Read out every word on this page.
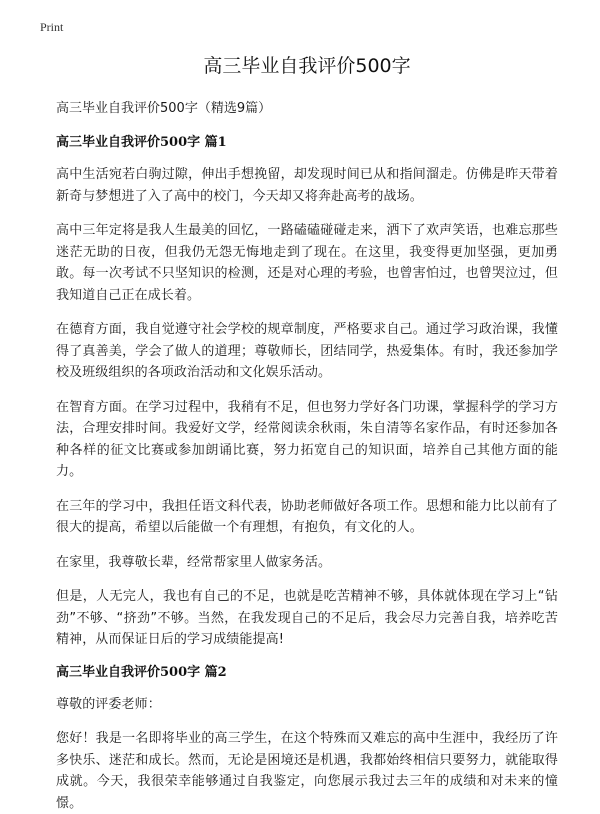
Print
高三毕业自我评价500字

高三毕业自我评价500字（精选9篇）

高三毕业自我评价500字 篇1

高中生活宛若白驹过隙，伸出手想挽留，却发现时间已从和指间溜走。仿佛是昨天带着新奇与梦想进了入了高中的校门，今天却又将奔赴高考的战场。

高中三年定将是我人生最美的回忆，一路磕磕碰碰走来，洒下了欢声笑语，也难忘那些迷茫无助的日夜，但我仍无怨无悔地走到了现在。在这里，我变得更加坚强，更加勇敢。每一次考试不只坚知识的检测，还是对心理的考验，也曾害怕过，也曾哭泣过，但我知道自己正在成长着。

在德育方面，我自觉遵守社会学校的规章制度，严格要求自己。通过学习政治课，我懂得了真善美，学会了做人的道理；尊敬师长，团结同学，热爱集体。有时，我还参加学校及班级组织的各项政治活动和文化娱乐活动。

在智育方面。在学习过程中，我稍有不足，但也努力学好各门功课，掌握科学的学习方法，合理安排时间。我爱好文学，经常阅读余秋雨，朱自清等名家作品，有时还参加各种各样的征文比赛或参加朗诵比赛，努力拓宽自己的知识面，培养自己其他方面的能力。

在三年的学习中，我担任语文科代表，协助老师做好各项工作。思想和能力比以前有了很大的提高，希望以后能做一个有理想，有抱负，有文化的人。

在家里，我尊敬长辈，经常帮家里人做家务活。

但是，人无完人，我也有自己的不足，也就是吃苦精神不够，具体就体现在学习上“钻劲”不够、“挤劲”不够。当然，在我发现自己的不足后，我会尽力完善自我，培养吃苦精神，从而保证日后的学习成绩能提高!

高三毕业自我评价500字 篇2

尊敬的评委老师：

您好！我是一名即将毕业的高三学生，在这个特殊而又难忘的高中生涯中，我经历了许多快乐、迷茫和成长。然而，无论是困境还是机遇，我都始终相信只要努力，就能取得成就。今天，我很荣幸能够通过自我鉴定，向您展示我过去三年的成绩和对未来的憧憬。
